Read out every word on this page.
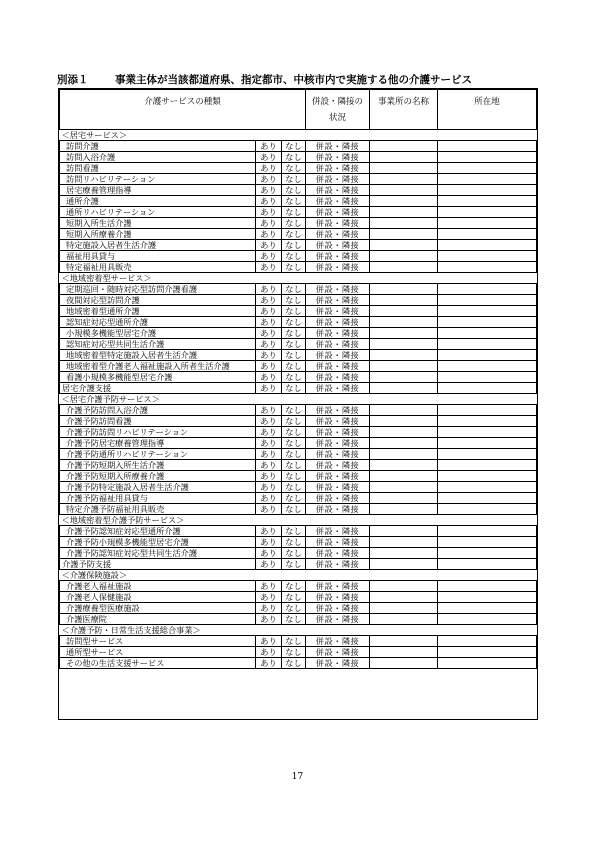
別添１	事業主体が当該都道府県、指定都市、中核市内で実施する他の介護サービス
介護サービスの種類			併設・隣接の状況	事業所の名称	所在地
＜居宅サービス＞					
訪問介護	あり	なし	併設・隣接		
訪問入浴介護	あり	なし	併設・隣接		
訪問看護	あり	なし	併設・隣接		
訪問リハビリテーション	あり	なし	併設・隣接		
居宅療養管理指導	あり	なし	併設・隣接		
通所介護	あり	なし	併設・隣接		
通所リハビリテーション	あり	なし	併設・隣接		
短期入所生活介護	あり	なし	併設・隣接		
短期入所療養介護	あり	なし	併設・隣接		
特定施設入居者生活介護	あり	なし	併設・隣接		
福祉用具貸与	あり	なし	併設・隣接		
特定福祉用具販売	あり	なし	併設・隣接		
＜地域密着型サービス＞					
定期巡回・随時対応型訪問介護看護	あり	なし	併設・隣接		
夜間対応型訪問介護	あり	なし	併設・隣接		
地域密着型通所介護	あり	なし	併設・隣接		
認知症対応型通所介護	あり	なし	併設・隣接		
小規模多機能型居宅介護	あり	なし	併設・隣接		
認知症対応型共同生活介護	あり	なし	併設・隣接		
地域密着型特定施設入居者生活介護	あり	なし	併設・隣接		
地域密着型介護老人福祉施設入所者生活介護	あり	なし	併設・隣接		
看護小規模多機能型居宅介護	あり	なし	併設・隣接		
居宅介護支援	あり	なし	併設・隣接		
＜居宅介護予防サービス＞					
介護予防訪問入浴介護	あり	なし	併設・隣接		
介護予防訪問看護	あり	なし	併設・隣接		
介護予防訪問リハビリテーション	あり	なし	併設・隣接		
介護予防居宅療養管理指導	あり	なし	併設・隣接		
介護予防通所リハビリテーション	あり	なし	併設・隣接		
介護予防短期入所生活介護	あり	なし	併設・隣接		
介護予防短期入所療養介護	あり	なし	併設・隣接		
介護予防特定施設入居者生活介護	あり	なし	併設・隣接		
介護予防福祉用具貸与	あり	なし	併設・隣接		
特定介護予防福祉用具販売	あり	なし	併設・隣接		
＜地域密着型介護予防サービス＞					
介護予防認知症対応型通所介護	あり	なし	併設・隣接		
介護予防小規模多機能型居宅介護	あり	なし	併設・隣接		
介護予防認知症対応型共同生活介護	あり	なし	併設・隣接		
介護予防支援	あり	なし	併設・隣接		
＜介護保険施設＞					
介護老人福祉施設	あり	なし	併設・隣接		
介護老人保健施設	あり	なし	併設・隣接		
介護療養型医療施設	あり	なし	併設・隣接		
介護医療院	あり	なし	併設・隣接		
＜介護予防・日常生活支援総合事業＞					
訪問型サービス	あり	なし	併設・隣接		
通所型サービス	あり	なし	併設・隣接		
その他の生活支援サービス	あり	なし	併設・隣接		
17
